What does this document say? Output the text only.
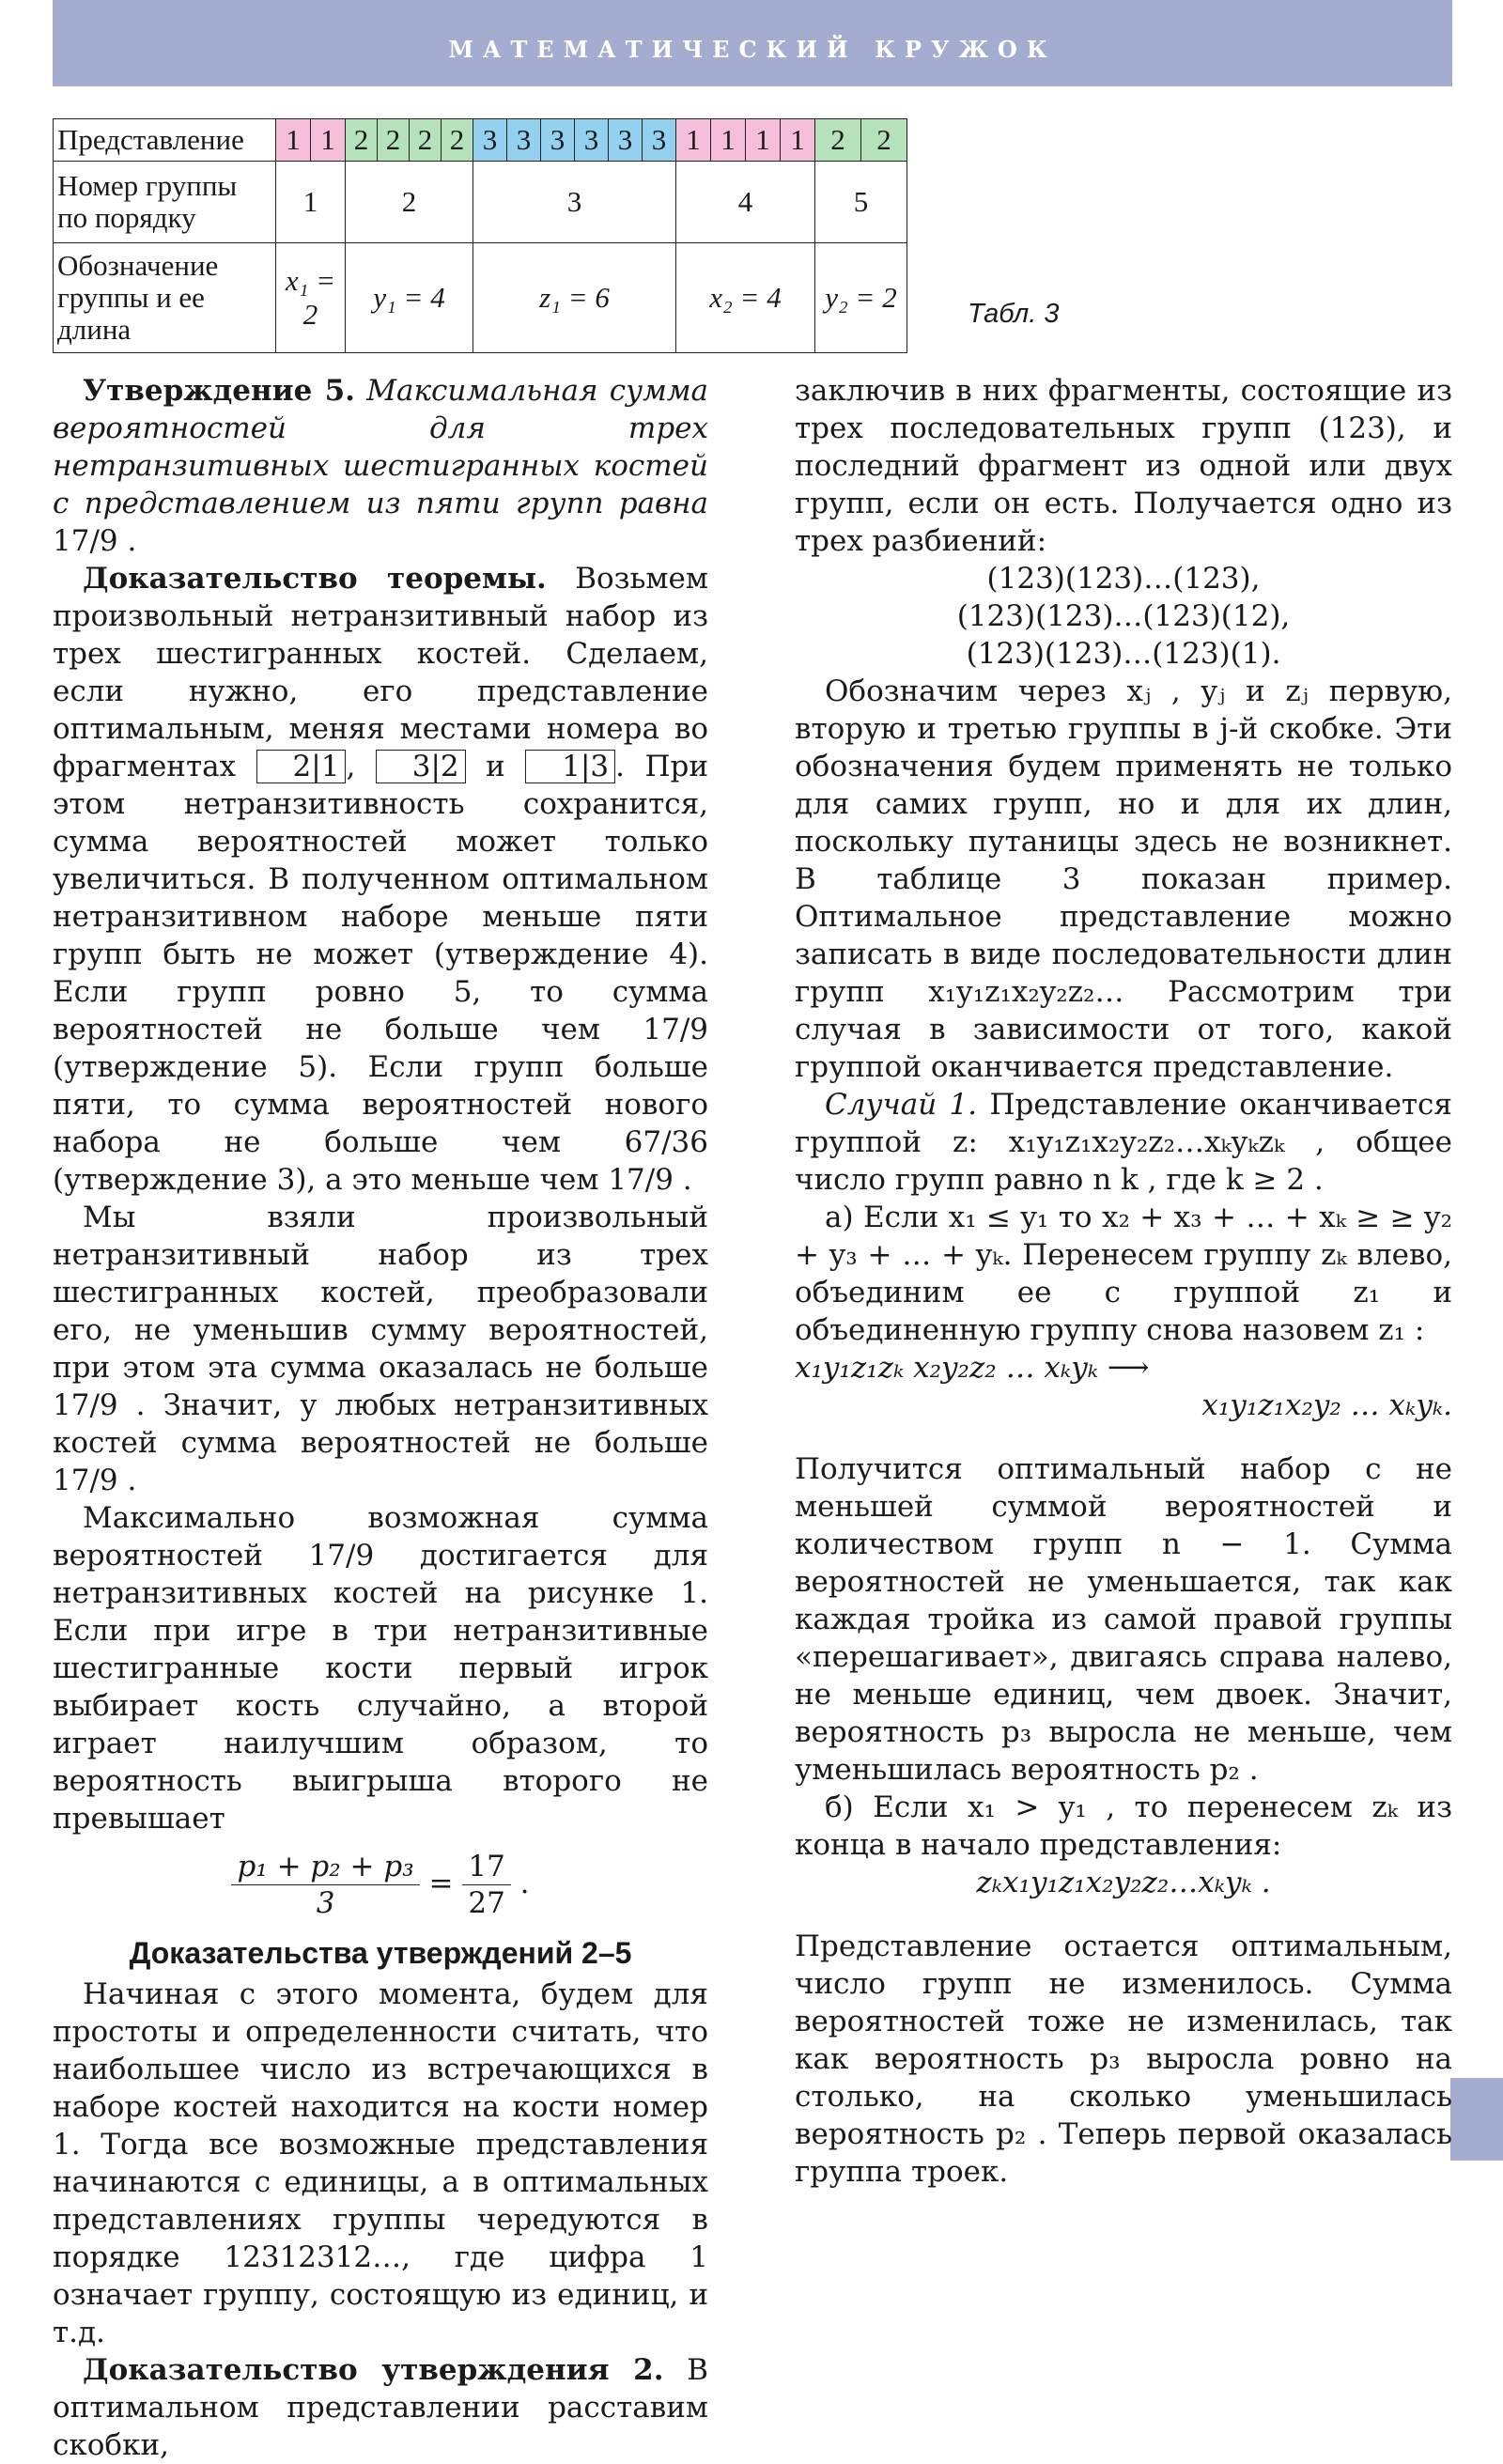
МАТЕМАТИЧЕСКИЙ КРУЖОК	35
Представление	1	1	2	2	2	2	3	3	3	3	3	3	1	1	1	1	2	2
Номер группы по порядку	1		2				3						4				5	
Обозначение группы и ее длина	x₁ = 2		y₁ = 4				z₁ = 6						x₂ = 4				y₂ = 2		Табл. 3

Утверждение 5. Максимальная сумма вероятностей для трех нетранзитивных шестигранных костей с представлением из пяти групп равна 17/9 .

Доказательство теоремы. Возьмем произвольный нетранзитивный набор из трех шестигранных костей. Сделаем, если нужно, его представление оптимальным, меняя местами номера во фрагментах 2|1 , 3|2 и 1|3 . При этом нетранзитивность сохранится, сумма вероятностей может только увеличиться. В полученном оптимальном нетранзитивном наборе меньше пяти групп быть не может (утверждение 4). Если групп ровно 5, то сумма вероятностей не больше чем 17/9 (утверждение 5). Если групп больше пяти, то сумма вероятностей нового набора не больше чем 67/36 (утверждение 3), а это меньше чем 17/9 .

Мы взяли произвольный нетранзитивный набор из трех шестигранных костей, преобразовали его, не уменьшив сумму вероятностей, при этом эта сумма оказалась не больше 17/9 . Значит, у любых нетранзитивных костей сумма вероятностей не больше 17/9 .

Максимально возможная сумма вероятностей 17/9 достигается для нетранзитивных костей на рисунке 1. Если при игре в три нетранзитивные шестигранные кости первый игрок выбирает кость случайно, а второй играет наилучшим образом, то вероятность выигрыша второго не превышает

$\frac{\text{p₁ + p₂ + p₃}}{3} = \frac{17}{27}$ .
Доказательства утверждений 2–5

Начиная с этого момента, будем для простоты и определенности считать, что наибольшее число из встречающихся в наборе костей находится на кости номер 1. Тогда все возможные представления начинаются с единицы, а в оптимальных представлениях группы чередуются в порядке 12312312…, где цифра 1 означает группу, состоящую из единиц, и т.д.

Доказательство утверждения 2. В оптимальном представлении расставим скобки,

заключив в них фрагменты, состоящие из трех последовательных групп (123), и последний фрагмент из одной или двух групп, если он есть. Получается одно из трех разбиений:

(123)(123)…(123),

(123)(123)…(123)(12),

(123)(123)…(123)(1).

Обозначим через xⱼ , yⱼ и zⱼ первую, вторую и третью группы в j-й скобке. Эти обозначения будем применять не только для самих групп, но и для их длин, поскольку путаницы здесь не возникнет. В таблице 3 показан пример. Оптимальное представление можно записать в виде последовательности длин групп x₁y₁z₁x₂y₂z₂… Рассмотрим три случая в зависимости от того, какой группой оканчивается представление.

Случай 1. Представление оканчивается группой z: x₁y₁z₁x₂y₂z₂…xₖyₖzₖ , общее число групп равно n k , где k ≥ 2 .

а) Если x₁ ≤ y₁ то x₂ + x₃ + … + xₖ ≥ ≥ y₂ + y₃ + … + yₖ. Перенесем группу zₖ влево, объединим ее с группой z₁ и объединенную группу снова назовем z₁ :

x₁y₁z₁zₖ x₂y₂z₂ … xₖyₖ ⟶

x₁y₁z₁x₂y₂ … xₖyₖ.

Получится оптимальный набор с не меньшей суммой вероятностей и количеством групп n − 1. Сумма вероятностей не уменьшается, так как каждая тройка из самой правой группы «перешагивает», двигаясь справа налево, не меньше единиц, чем двоек. Значит, вероятность p₃ выросла не меньше, чем уменьшилась вероятность p₂ .

б) Если x₁ > y₁ , то перенесем zₖ из конца в начало представления:

zₖx₁y₁z₁x₂y₂z₂…xₖyₖ .

Представление остается оптимальным, число групп не изменилось. Сумма вероятностей тоже не изменилась, так как вероятность p₃ выросла ровно на столько, на сколько уменьшилась вероятность p₂ . Теперь первой оказалась группа троек.
